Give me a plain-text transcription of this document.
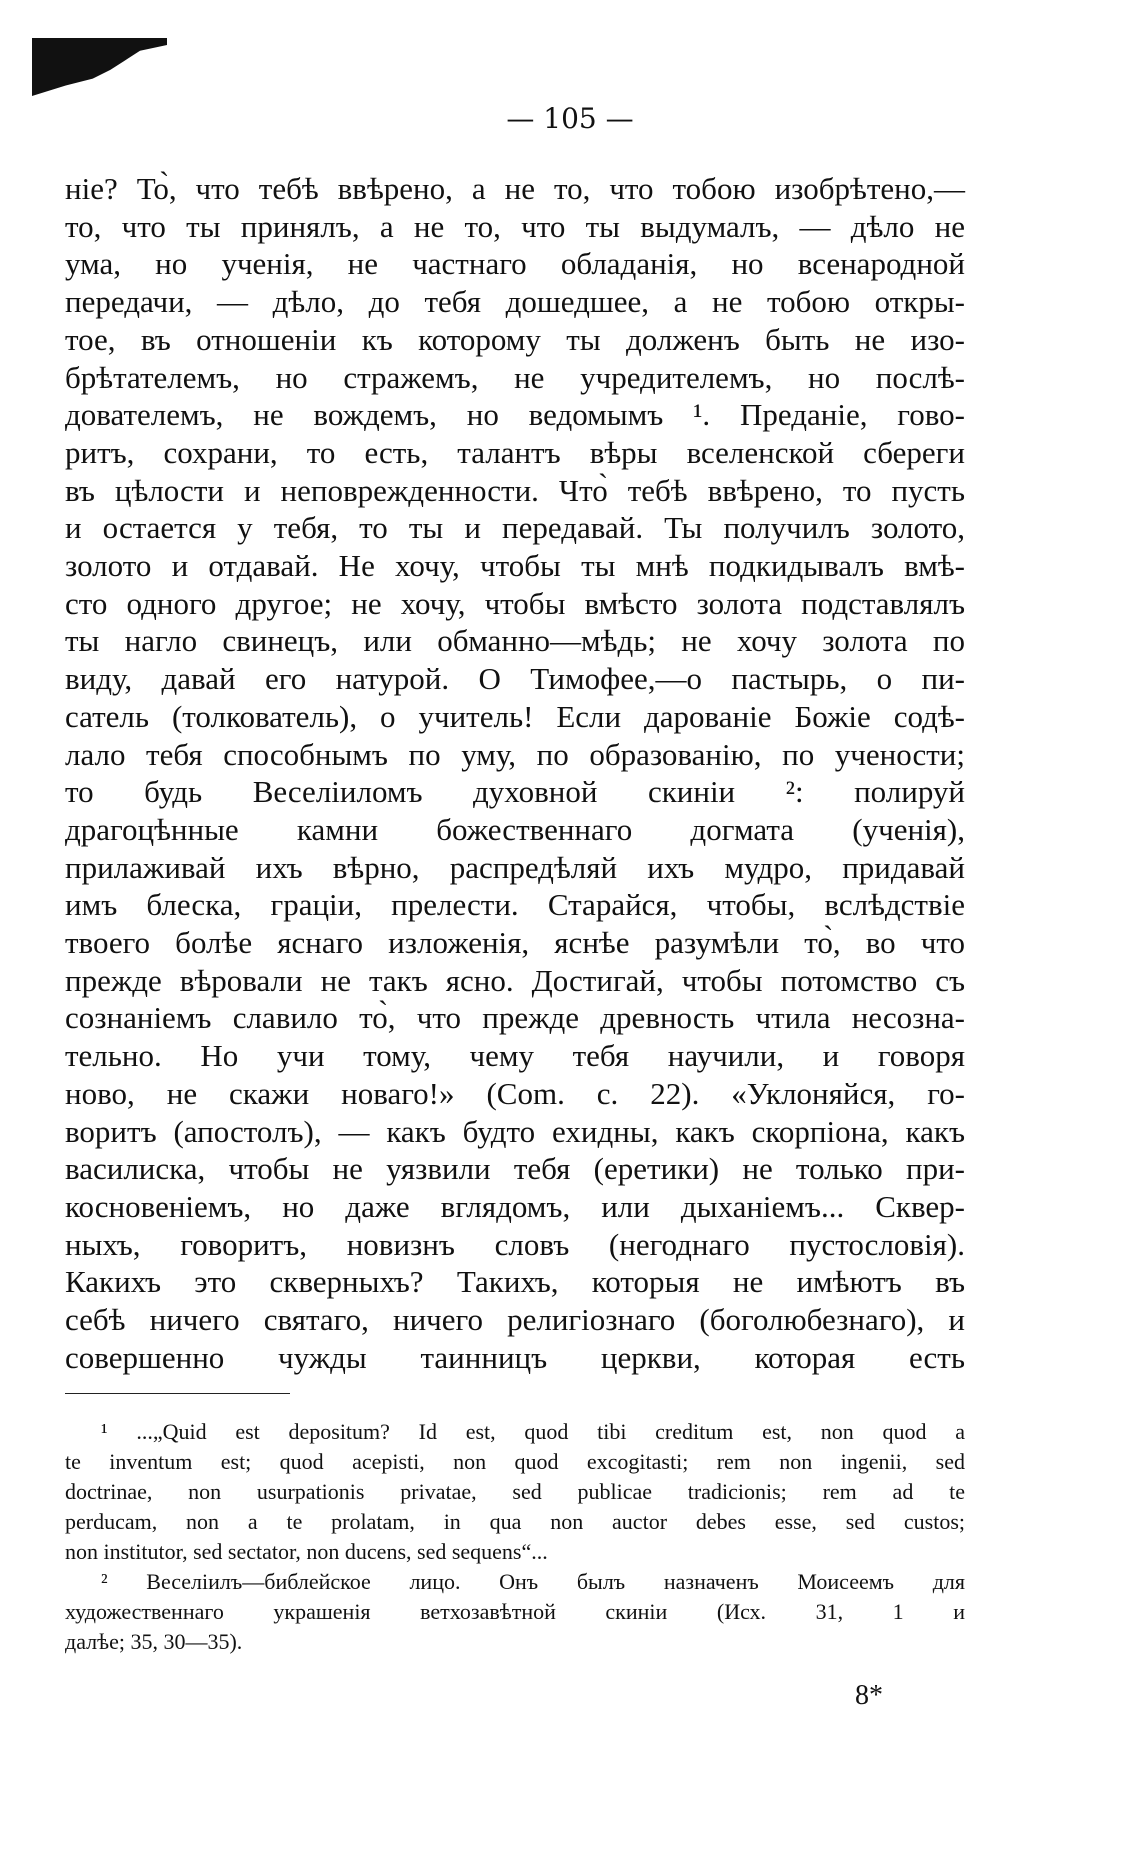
— 105 —
ніе? То̀, что тебѣ ввѣрено, а не то, что тобою изобрѣтено,—
то, что ты принялъ, а не то, что ты выдумалъ, — дѣло не
ума, но ученія, не частнаго обладанія, но всенародной
передачи, — дѣло, до тебя дошедшее, а не тобою откры-
тое, въ отношеніи къ которому ты долженъ быть не изо-
брѣтателемъ, но стражемъ, не учредителемъ, но послѣ-
дователемъ, не вождемъ, но ведомымъ ¹. Преданіе, гово-
ритъ, сохрани, то есть, талантъ вѣры вселенской сбереги
въ цѣлости и неповрежденности. Что̀ тебѣ ввѣрено, то пусть
и остается у тебя, то ты и передавай. Ты получилъ золото,
золото и отдавай. Не хочу, чтобы ты мнѣ подкидывалъ вмѣ-
сто одного другое; не хочу, чтобы вмѣсто золота подставлялъ
ты нагло свинецъ, или обманно—мѣдь; не хочу золота по
виду, давай его натурой. О Тимофее,—о пастырь, о пи-
сатель (толкователь), о учитель! Если дарованіе Божіе содѣ-
лало тебя способнымъ по уму, по образованію, по учености;
то будь Веселіиломъ духовной скиніи ²: полируй
драгоцѣнные камни божественнаго догмата (ученія),
прилаживай ихъ вѣрно, распредѣляй ихъ мудро, придавай
имъ блеска, граціи, прелести. Старайся, чтобы, вслѣдствіе
твоего болѣе яснаго изложенія, яснѣе разумѣли то̀, во что
прежде вѣровали не такъ ясно. Достигай, чтобы потомство съ
сознаніемъ славило то̀, что прежде древность чтила несозна-
тельно. Но учи тому, чему тебя научили, и говоря
ново, не скажи новаго!» (Com. c. 22). «Уклоняйся, го-
воритъ (апостолъ), — какъ будто ехидны, какъ скорпіона, какъ
василиска, чтобы не уязвили тебя (еретики) не только при-
косновеніемъ, но даже вглядомъ, или дыханіемъ... Сквер-
ныхъ, говоритъ, новизнъ словъ (негоднаго пустословія).
Какихъ это скверныхъ? Такихъ, которыя не имѣютъ въ
себѣ ничего святаго, ничего религіознаго (боголюбезнаго), и
совершенно чужды таинницъ церкви, которая есть
¹ ...„Quid est depositum? Id est, quod tibi creditum est, non quod a
te inventum est; quod acepisti, non quod excogitasti; rem non ingenii, sed
doctrinae, non usurpationis privatae, sed publicae tradicionis; rem ad te
perducam, non a te prolatam, in qua non auctor debes esse, sed custos;
non institutor, sed sectator, non ducens, sed sequens“...
² Веселіилъ—библейское лицо. Онъ былъ назначенъ Моисеемъ для
художественнаго украшенія ветхозавѣтной скиніи (Исх. 31, 1 и
далѣе; 35, 30—35).
8*
